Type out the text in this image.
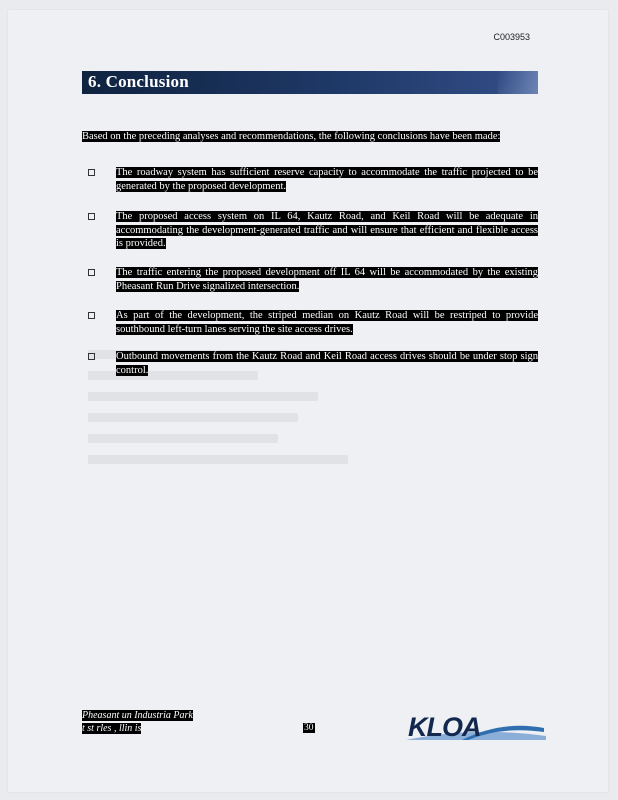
C003953
6. Conclusion
Based on the preceding analyses and recommendations, the following conclusions have been made:
The roadway system has sufficient reserve capacity to accommodate the traffic projected to be generated by the proposed development.
The proposed access system on IL 64, Kautz Road, and Keil Road will be adequate in accommodating the development-generated traffic and will ensure that efficient and flexible access is provided.
The traffic entering the proposed development off IL 64 will be accommodated by the existing Pheasant Run Drive signalized intersection.
As part of the development, the striped median on Kautz Road will be restriped to provide southbound left-turn lanes serving the site access drives.
Outbound movements from the Kautz Road and Keil Road access drives should be under stop sign control.
Pheasant un Industria Park
t st rles , llin is	30	KLOA
